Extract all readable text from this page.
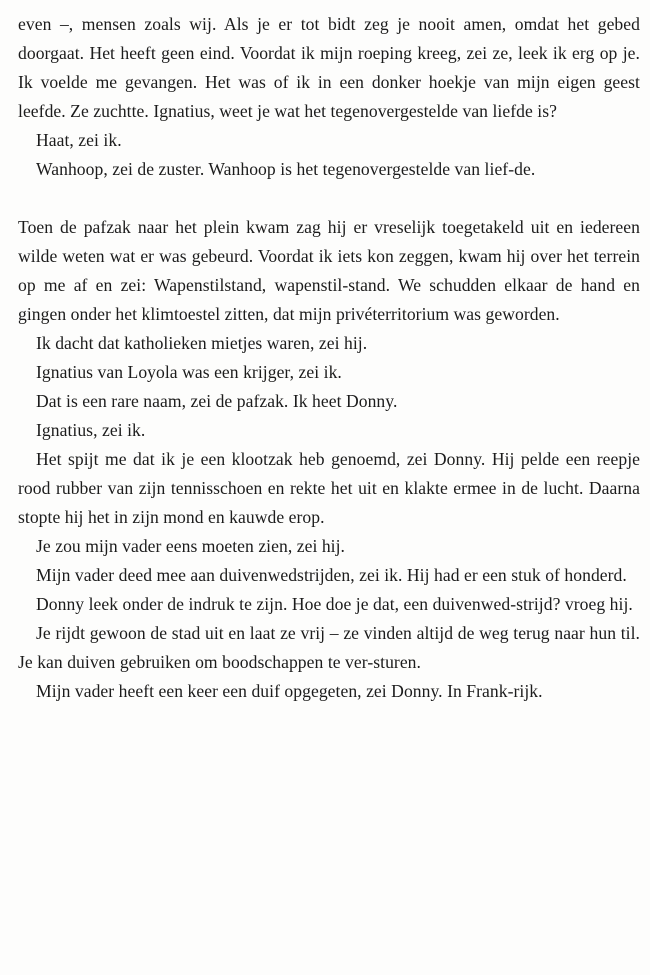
even –, mensen zoals wij. Als je er tot bidt zeg je nooit amen, omdat het gebed doorgaat. Het heeft geen eind. Voordat ik mijn roeping kreeg, zei ze, leek ik erg op je. Ik voelde me gevangen. Het was of ik in een donker hoekje van mijn eigen geest leefde. Ze zuchtte. Ignatius, weet je wat het tegenovergestelde van liefde is?

Haat, zei ik.

Wanhoop, zei de zuster. Wanhoop is het tegenovergestelde van lief-de.

Toen de pafzak naar het plein kwam zag hij er vreselijk toegetakeld uit en iedereen wilde weten wat er was gebeurd. Voordat ik iets kon zeggen, kwam hij over het terrein op me af en zei: Wapenstilstand, wapenstil-stand. We schudden elkaar de hand en gingen onder het klimtoestel zitten, dat mijn privéterritorium was geworden.

Ik dacht dat katholieken mietjes waren, zei hij.

Ignatius van Loyola was een krijger, zei ik.

Dat is een rare naam, zei de pafzak. Ik heet Donny.

Ignatius, zei ik.

Het spijt me dat ik je een klootzak heb genoemd, zei Donny. Hij pelde een reepje rood rubber van zijn tennisschoen en rekte het uit en klakte ermee in de lucht. Daarna stopte hij het in zijn mond en kauwde erop.

Je zou mijn vader eens moeten zien, zei hij.

Mijn vader deed mee aan duivenwedstrijden, zei ik. Hij had er een stuk of honderd.

Donny leek onder de indruk te zijn. Hoe doe je dat, een duivenwed-strijd? vroeg hij.

Je rijdt gewoon de stad uit en laat ze vrij – ze vinden altijd de weg terug naar hun til. Je kan duiven gebruiken om boodschappen te ver-sturen.

Mijn vader heeft een keer een duif opgegeten, zei Donny. In Frank-rijk.
